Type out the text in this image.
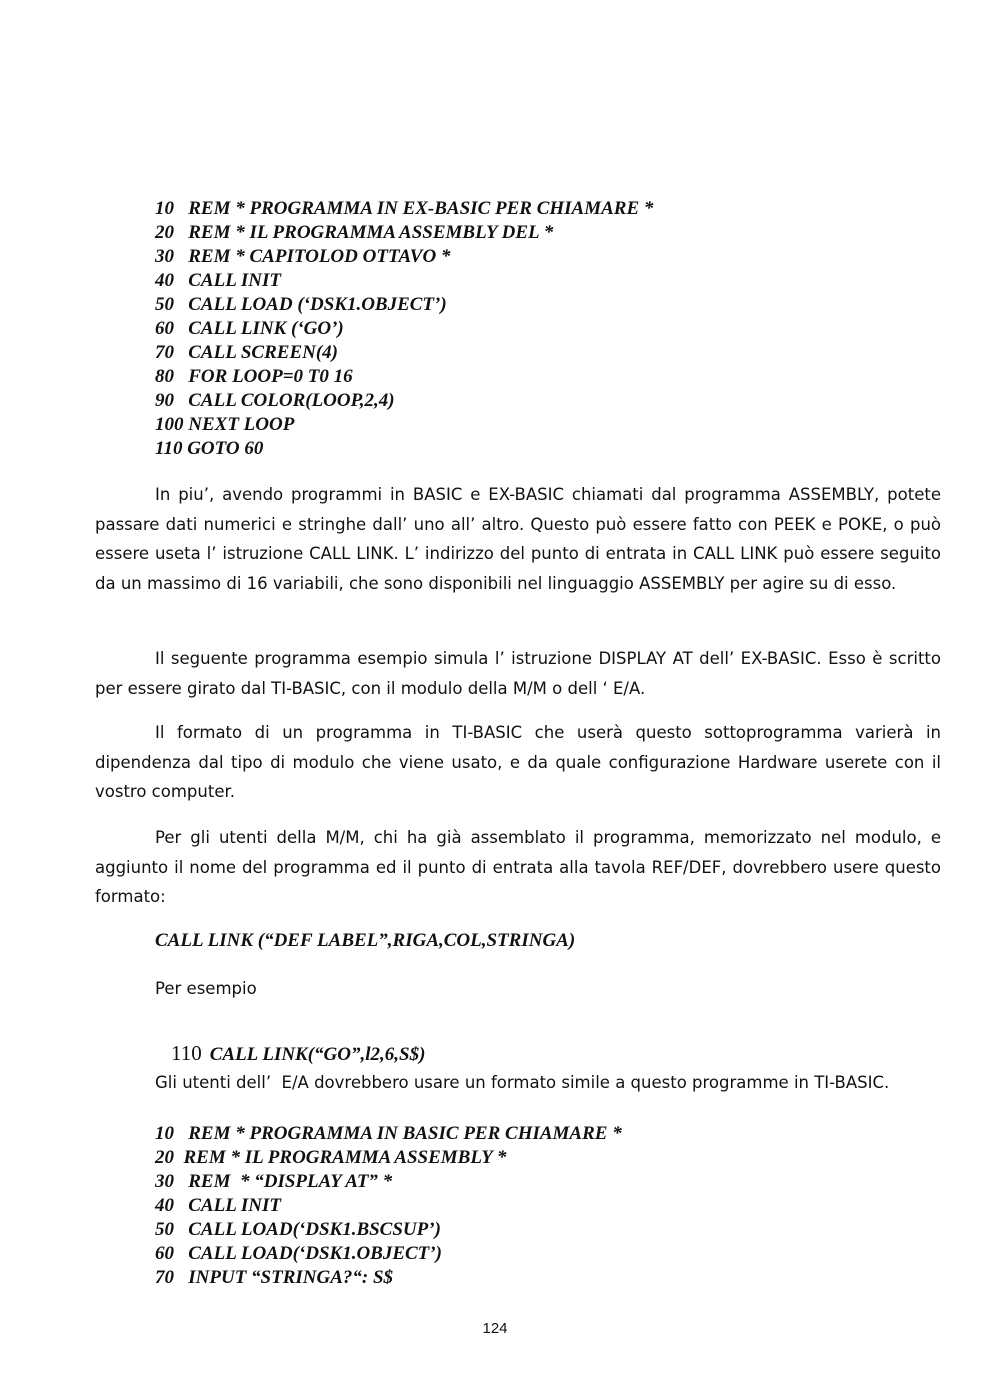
10   REM * PROGRAMMA IN EX-BASIC PER CHIAMARE *
20   REM * IL PROGRAMMA ASSEMBLY DEL *
30   REM * CAPITOLOD OTTAVO *
40   CALL INIT
50   CALL LOAD (‘DSK1.OBJECT’)
60   CALL LINK (‘GO’)
70   CALL SCREEN(4)
80   FOR LOOP=0 T0 16
90   CALL COLOR(LOOP,2,4)
100 NEXT LOOP
110 GOTO 60

In piu’, avendo programmi in BASIC e EX-BASIC chiamati dal programma ASSEMBLY, potete passare dati numerici e stringhe dall’ uno all’ altro. Questo può essere fatto con PEEK e POKE, o può essere useta l’ istruzione CALL LINK. L’ indirizzo del punto di entrata in CALL LINK può essere seguito da un massimo di 16 variabili, che sono disponibili nel linguaggio ASSEMBLY per agire su di esso.

Il seguente programma esempio simula l’ istruzione DISPLAY AT dell’ EX-BASIC. Esso è scritto per essere girato dal TI-BASIC, con il modulo della M/M o dell ‘ E/A.

Il formato di un programma in TI-BASIC che userà questo sottoprogramma varierà in dipendenza dal tipo di modulo che viene usato, e da quale configurazione Hardware userete con il vostro computer.

Per gli utenti della M/M, chi ha già assemblato il programma, memorizzato nel modulo, e aggiunto il nome del programma ed il punto di entrata alla tavola REF/DEF, dovrebbero usere questo formato:

CALL LINK (“DEF LABEL”,RIGA,COL,STRINGA)
Per esempio

110 CALL LINK(“GO”,l2,6,S$)

Gli utenti dell’  E/A dovrebbero usare un formato simile a questo programme in TI-BASIC.
10   REM * PROGRAMMA IN BASIC PER CHIAMARE *
20  REM * IL PROGRAMMA ASSEMBLY *
30   REM  * “DISPLAY AT” *
40   CALL INIT
50   CALL LOAD(‘DSK1.BSCSUP’)
60   CALL LOAD(‘DSK1.OBJECT’)
70   INPUT “STRINGA?“: S$
124
